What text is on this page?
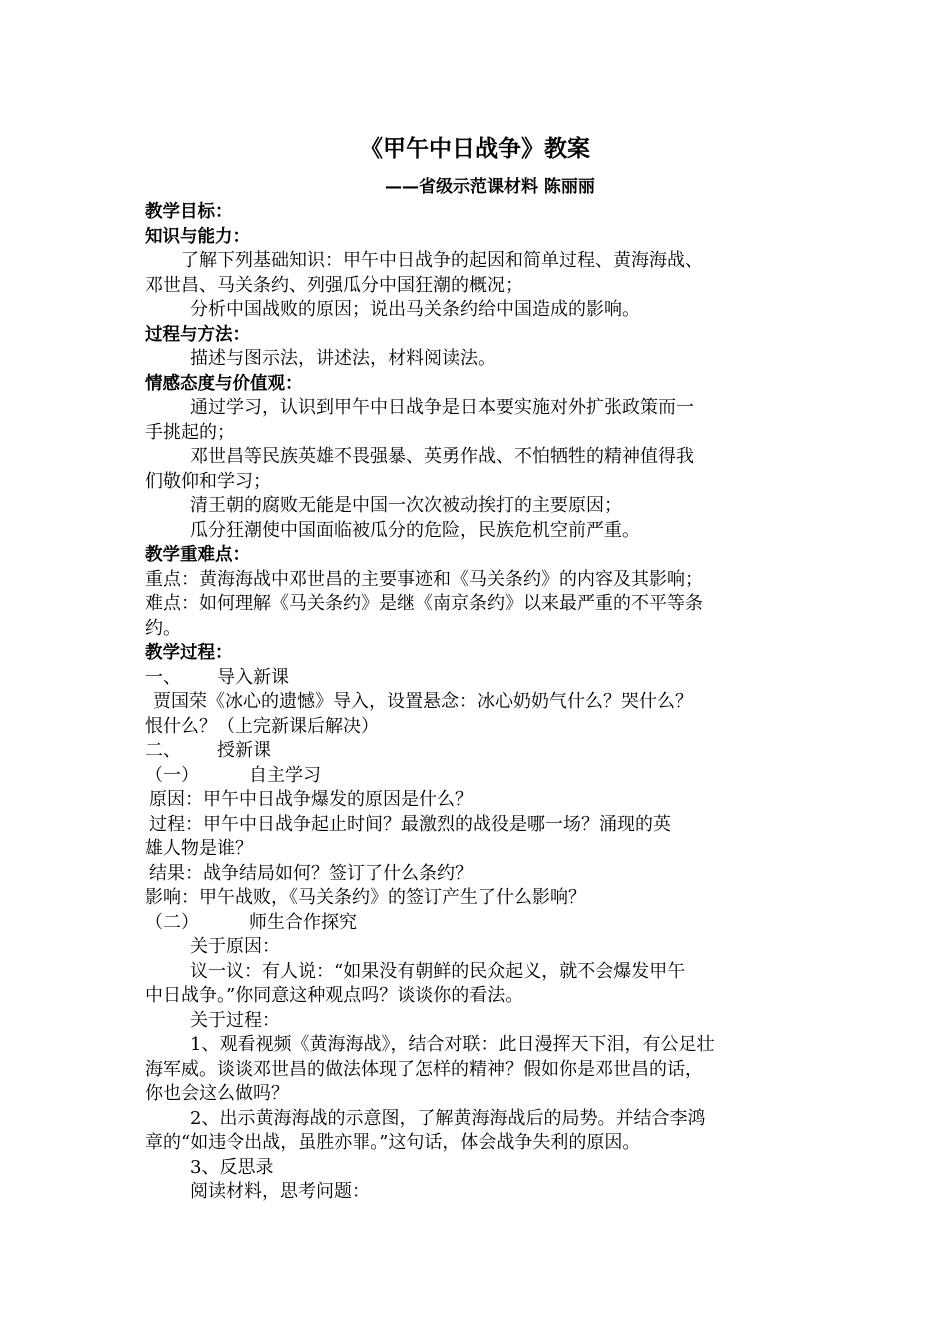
《甲午中日战争》教案
——省级示范课材料 陈丽丽
教学目标：
知识与能力：
了解下列基础知识：甲午中日战争的起因和简单过程、黄海海战、
邓世昌、马关条约、列强瓜分中国狂潮的概况；
分析中国战败的原因；说出马关条约给中国造成的影响。
过程与方法：
描述与图示法，讲述法，材料阅读法。
情感态度与价值观：
通过学习，认识到甲午中日战争是日本要实施对外扩张政策而一
手挑起的；
邓世昌等民族英雄不畏强暴、英勇作战、不怕牺牲的精神值得我
们敬仰和学习；
清王朝的腐败无能是中国一次次被动挨打的主要原因；
瓜分狂潮使中国面临被瓜分的危险，民族危机空前严重。
教学重难点：
重点：黄海海战中邓世昌的主要事迹和《马关条约》的内容及其影响；
难点：如何理解《马关条约》是继《南京条约》以来最严重的不平等条
约。
教学过程：
一、 导入新课
贾国荣《冰心的遗憾》导入，设置悬念：冰心奶奶气什么？哭什么？
恨什么？（上完新课后解决）
二、 授新课
（一）	自主学习
原因：甲午中日战争爆发的原因是什么？
过程：甲午中日战争起止时间？最激烈的战役是哪一场？涌现的英
雄人物是谁？
结果：战争结局如何？签订了什么条约？
影响：甲午战败，《马关条约》的签订产生了什么影响？
（二）	师生合作探究
关于原因：
议一议：有人说：“如果没有朝鲜的民众起义，就不会爆发甲午
中日战争。”你同意这种观点吗？谈谈你的看法。
关于过程：
1、观看视频《黄海海战》，结合对联：此日漫挥天下泪，有公足壮
海军威。谈谈邓世昌的做法体现了怎样的精神？假如你是邓世昌的话，
你也会这么做吗？
2、出示黄海海战的示意图，了解黄海海战后的局势。并结合李鸿
章的“如违令出战，虽胜亦罪。”这句话，体会战争失利的原因。
3、反思录
阅读材料，思考问题：
